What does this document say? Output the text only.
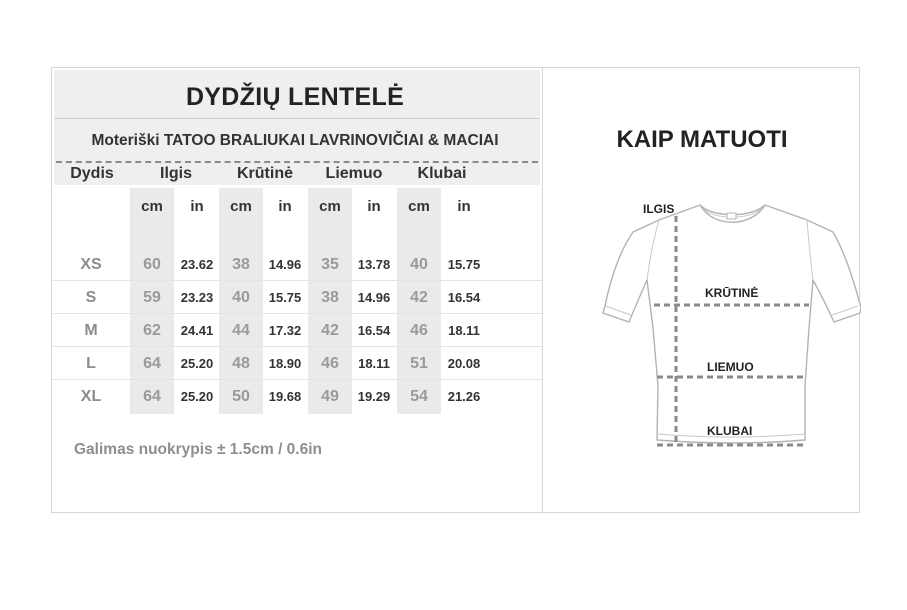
DYDŽIŲ LENTELĖ
Moteriški TATOO BRALIUKAI LAVRINOVIČIAI & MACIAI
Dydis	Ilgis	Krūtinė Liemuo Klubai
cm in cm in cm in cm in
XS	60 23.62 38 14.96 35 13.78 40 15.75
S	59 23.23 40 15.75 38 14.96 42 16.54
M	62 24.41 44 17.32 42 16.54 46 18.11
L	64 25.20 48 18.90 46 18.11 51 20.08
XL	64 25.20 50 19.68 49 19.29 54 21.26
Galimas nuokrypis ± 1.5cm / 0.6in
KAIP MATUOTI
ILGIS
KRŪTINĖ
LIEMUO
KLUBAI
